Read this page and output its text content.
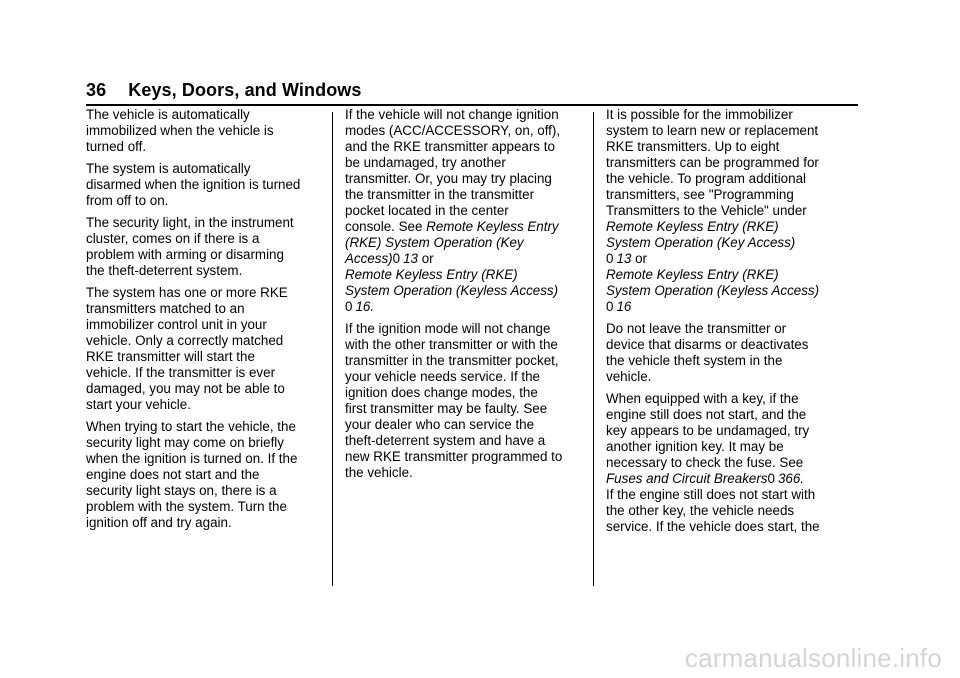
36 Keys, Doors, and Windows

The vehicle is automatically
immobilized when the vehicle is
turned off.

The system is automatically
disarmed when the ignition is turned
from off to on.

The security light, in the instrument
cluster, comes on if there is a
problem with arming or disarming
the theft-deterrent system.

The system has one or more RKE
transmitters matched to an
immobilizer control unit in your
vehicle. Only a correctly matched
RKE transmitter will start the
vehicle. If the transmitter is ever
damaged, you may not be able to
start your vehicle.

When trying to start the vehicle, the
security light may come on briefly
when the ignition is turned on. If the
engine does not start and the
security light stays on, there is a
problem with the system. Turn the
ignition off and try again.

If the vehicle will not change ignition
modes (ACC/ACCESSORY, on, off),
and the RKE transmitter appears to
be undamaged, try another
transmitter. Or, you may try placing
the transmitter in the transmitter
pocket located in the center
console. See Remote Keyless Entry
(RKE) System Operation (Key
Access)0 13 or
Remote Keyless Entry (RKE)
System Operation (Keyless Access)
0 16.

If the ignition mode will not change
with the other transmitter or with the
transmitter in the transmitter pocket,
your vehicle needs service. If the
ignition does change modes, the
first transmitter may be faulty. See
your dealer who can service the
theft-deterrent system and have a
new RKE transmitter programmed to
the vehicle.

It is possible for the immobilizer
system to learn new or replacement
RKE transmitters. Up to eight
transmitters can be programmed for
the vehicle. To program additional
transmitters, see "Programming
Transmitters to the Vehicle" under
Remote Keyless Entry (RKE)
System Operation (Key Access)
0 13 or
Remote Keyless Entry (RKE)
System Operation (Keyless Access)
0 16

Do not leave the transmitter or
device that disarms or deactivates
the vehicle theft system in the
vehicle.

When equipped with a key, if the
engine still does not start, and the
key appears to be undamaged, try
another ignition key. It may be
necessary to check the fuse. See
Fuses and Circuit Breakers0 366.
If the engine still does not start with
the other key, the vehicle needs
service. If the vehicle does start, the

carmanualsonline.info
